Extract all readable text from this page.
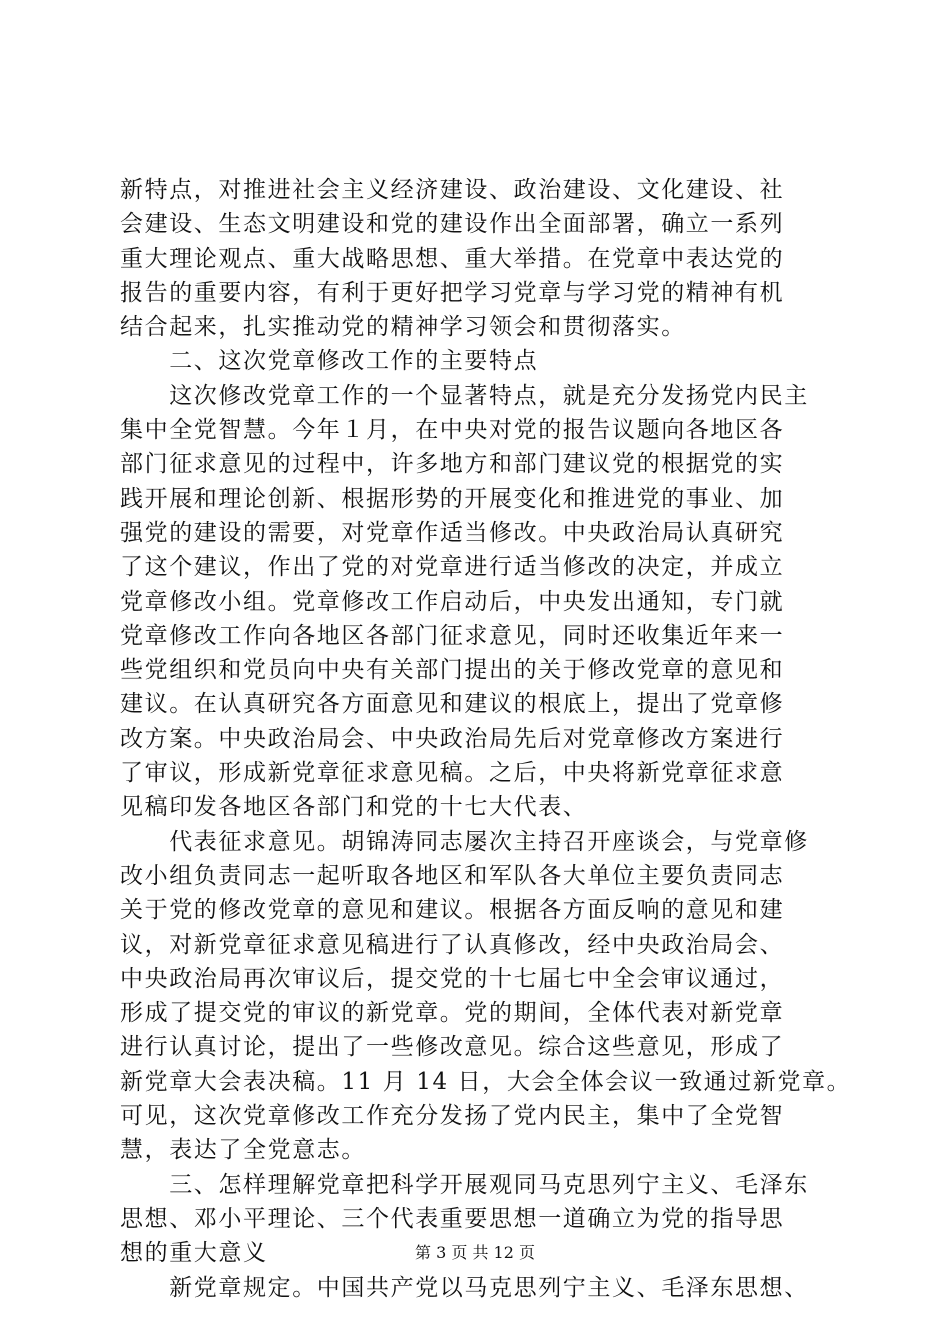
新特点，对推进社会主义经济建设、政治建设、文化建设、社
会建设、生态文明建设和党的建设作出全面部署，确立一系列
重大理论观点、重大战略思想、重大举措。在党章中表达党的
报告的重要内容，有利于更好把学习党章与学习党的精神有机
结合起来，扎实推动党的精神学习领会和贯彻落实。
　　二、这次党章修改工作的主要特点
　　这次修改党章工作的一个显著特点，就是充分发扬党内民主
集中全党智慧。今年１月，在中央对党的报告议题向各地区各
部门征求意见的过程中，许多地方和部门建议党的根据党的实
践开展和理论创新、根据形势的开展变化和推进党的事业、加
强党的建设的需要，对党章作适当修改。中央政治局认真研究
了这个建议，作出了党的对党章进行适当修改的决定，并成立
党章修改小组。党章修改工作启动后，中央发出通知，专门就
党章修改工作向各地区各部门征求意见，同时还收集近年来一
些党组织和党员向中央有关部门提出的关于修改党章的意见和
建议。在认真研究各方面意见和建议的根底上，提出了党章修
改方案。中央政治局会、中央政治局先后对党章修改方案进行
了审议，形成新党章征求意见稿。之后，中央将新党章征求意
见稿印发各地区各部门和党的十七大代表、
　　代表征求意见。胡锦涛同志屡次主持召开座谈会，与党章修
改小组负责同志一起听取各地区和军队各大单位主要负责同志
关于党的修改党章的意见和建议。根据各方面反响的意见和建
议，对新党章征求意见稿进行了认真修改，经中央政治局会、
中央政治局再次审议后，提交党的十七届七中全会审议通过，
形成了提交党的审议的新党章。党的期间，全体代表对新党章
进行认真讨论，提出了一些修改意见。综合这些意见，形成了
新党章大会表决稿。11 月 14 日，大会全体会议一致通过新党章。
可见，这次党章修改工作充分发扬了党内民主，集中了全党智
慧，表达了全党意志。
　　三、怎样理解党章把科学开展观同马克思列宁主义、毛泽东
思想、邓小平理论、三个代表重要思想一道确立为党的指导思
想的重大意义
　　新党章规定。中国共产党以马克思列宁主义、毛泽东思想、
第 3 页 共 12 页
